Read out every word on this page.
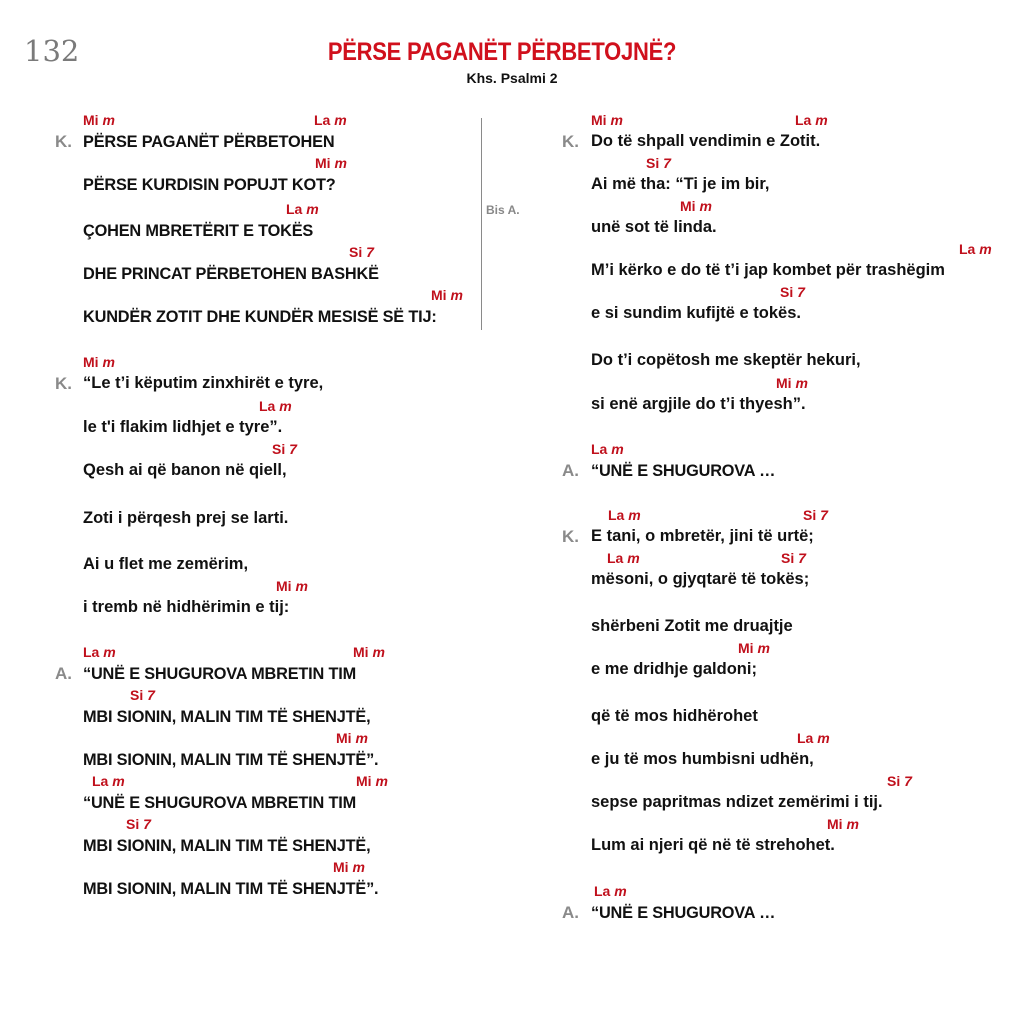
132	PËRSE PAGANËT PËRBETOJNË?
Khs. Psalmi 2
Bis A.
K. PËRSE PAGANËT PËRBETOHEN
Mi m	La m
PËRSE KURDISIN POPUJT KOT?
Mi m
ÇOHEN MBRETËRIT E TOKËS
La m
DHE PRINCAT PËRBETOHEN BASHKË
Si 7
KUNDËR ZOTIT DHE KUNDËR MESISË SË TIJ:
Mi m
K. “Le t’i këputim zinxhirët e tyre,
Mi m
le t'i flakim lidhjet e tyre”.
La m
Qesh ai që banon në qiell,
Si 7
Zoti i përqesh prej se larti.
Ai u flet me zemërim,
i tremb në hidhërimin e tij:
Mi m
A. “UNË E SHUGUROVA MBRETIN TIM
La m	Mi m
MBI SIONIN, MALIN TIM TË SHENJTË,
Si 7
MBI SIONIN, MALIN TIM TË SHENJTË”.
Mi m
“UNË E SHUGUROVA MBRETIN TIM
La m	Mi m
MBI SIONIN, MALIN TIM TË SHENJTË,
Si 7
MBI SIONIN, MALIN TIM TË SHENJTË”.
Mi m
K. Do të shpall vendimin e Zotit.
Mi m	La m
Ai më tha: “Ti je im bir,
Si 7
unë sot të linda.
Mi m
M’i kërko e do të t’i jap kombet për trashëgim
La m
e si sundim kufijtë e tokës.
Si 7
Do t’i copëtosh me skeptër hekuri,
si enë argjile do t’i thyesh”.
Mi m
A. “UNË E SHUGUROVA …
La m
K. E tani, o mbretër, jini të urtë;
La m	Si 7
mësoni, o gjyqtarë të tokës;
La m	Si 7
shërbeni Zotit me druajtje
e me dridhje galdoni;
Mi m
që të mos hidhërohet
e ju të mos humbisni udhën,
La m
sepse papritmas ndizet zemërimi i tij.
Si 7
Lum ai njeri që në të strehohet.
Mi m
A. “UNË E SHUGUROVA …
La m
